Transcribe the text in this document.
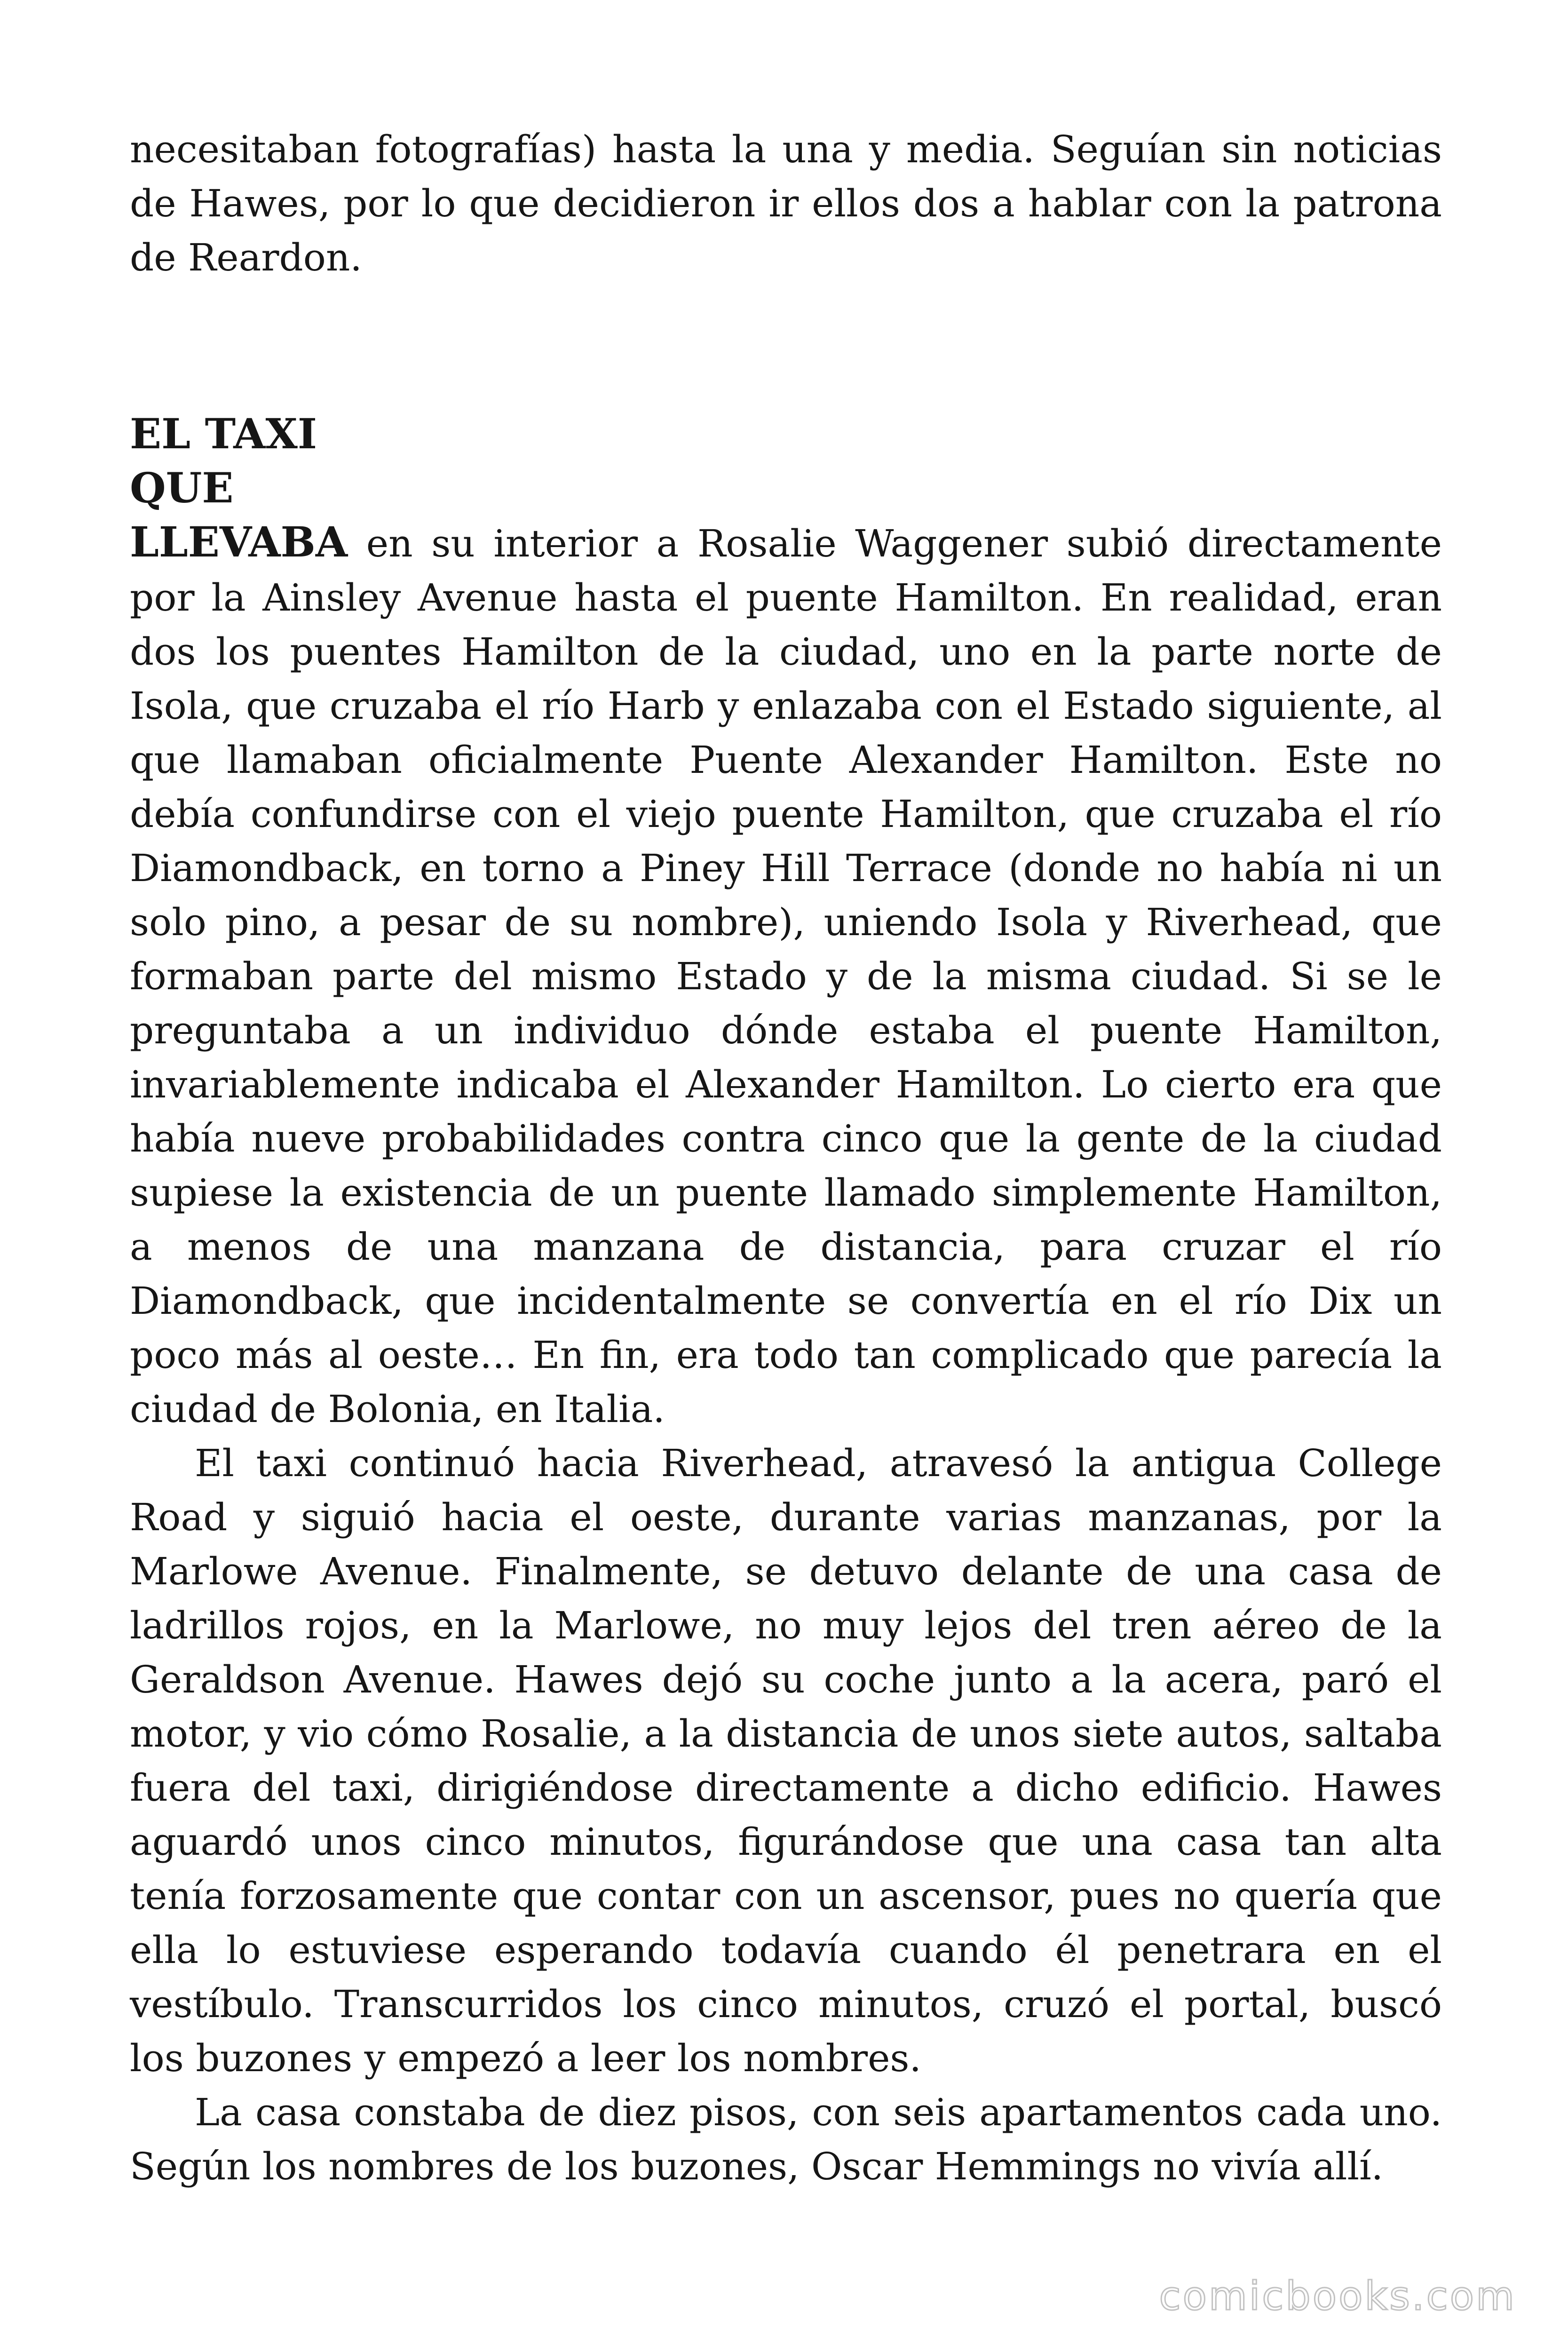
necesitaban fotografías) hasta la una y media. Seguían sin noticias de Hawes, por lo que decidieron ir ellos dos a hablar con la patrona de Reardon.

EL TAXI
QUE
LLEVABA en su interior a Rosalie Waggener subió directamente por la Ainsley Avenue hasta el puente Hamilton. En realidad, eran dos los puentes Hamilton de la ciudad, uno en la parte norte de Isola, que cruzaba el río Harb y enlazaba con el Estado siguiente, al que llamaban oficialmente Puente Alexander Hamilton. Este no debía confundirse con el viejo puente Hamilton, que cruzaba el río Diamondback, en torno a Piney Hill Terrace (donde no había ni un solo pino, a pesar de su nombre), uniendo Isola y Riverhead, que formaban parte del mismo Estado y de la misma ciudad. Si se le preguntaba a un individuo dónde estaba el puente Hamilton, invariablemente indicaba el Alexander Hamilton. Lo cierto era que había nueve probabilidades contra cinco que la gente de la ciudad supiese la existencia de un puente llamado simplemente Hamilton, a menos de una manzana de distancia, para cruzar el río Diamondback, que incidentalmente se convertía en el río Dix un poco más al oeste… En fin, era todo tan complicado que parecía la ciudad de Bolonia, en Italia.

El taxi continuó hacia Riverhead, atravesó la antigua College Road y siguió hacia el oeste, durante varias manzanas, por la Marlowe Avenue. Finalmente, se detuvo delante de una casa de ladrillos rojos, en la Marlowe, no muy lejos del tren aéreo de la Geraldson Avenue. Hawes dejó su coche junto a la acera, paró el motor, y vio cómo Rosalie, a la distancia de unos siete autos, saltaba fuera del taxi, dirigiéndose directamente a dicho edificio. Hawes aguardó unos cinco minutos, figurándose que una casa tan alta tenía forzosamente que contar con un ascensor, pues no quería que ella lo estuviese esperando todavía cuando él penetrara en el vestíbulo. Transcurridos los cinco minutos, cruzó el portal, buscó los buzones y empezó a leer los nombres.

La casa constaba de diez pisos, con seis apartamentos cada uno. Según los nombres de los buzones, Oscar Hemmings no vivía allí.

comicbooks.com
